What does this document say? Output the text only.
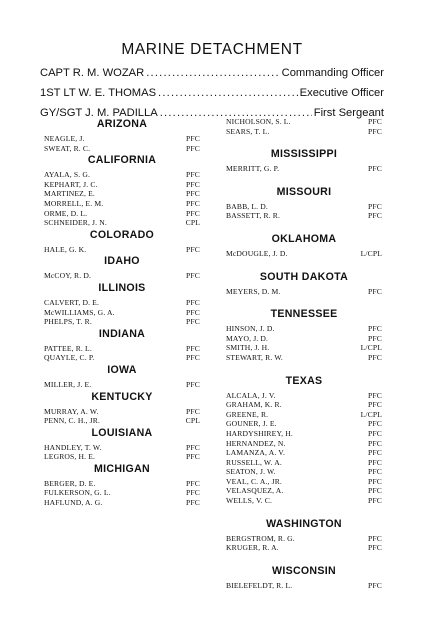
MARINE DETACHMENT
CAPT R. M. WOZAR .....	Commanding Officer
1ST LT W. E. THOMAS .....	Executive Officer
GY/SGT J. M. PADILLA .....	First Sergeant
ARIZONA
NEAGLE, J.	PFC
SWEAT, R. C.	PFC
CALIFORNIA
AYALA, S. G.	PFC
KEPHART, J. C.	PFC
MARTINEZ, E.	PFC
MORRELL, E. M.	PFC
ORME, D. L.	PFC
SCHNEIDER, J. N.	CPL
COLORADO
HALE, G. K.	PFC
IDAHO
McCOY, R. D.	PFC
ILLINOIS
CALVERT, D. E.	PFC
McWILLIAMS, G. A.	PFC
PHELPS, T. R.	PFC
INDIANA
PATTEE, R. L.	PFC
QUAYLE, C. P.	PFC
IOWA
MILLER, J. E.	PFC
KENTUCKY
MURRAY, A. W.	PFC
PENN, C. H., JR.	CPL
LOUISIANA
HANDLEY, T. W.	PFC
LEGROS, H. E.	PFC
MICHIGAN
BERGER, D. E.	PFC
FULKERSON, G. L.	PFC
HAFLUND, A. G.	PFC
NICHOLSON, S. L.	PFC
SEARS, T. L.	PFC
MISSISSIPPI
MERRITT, G. P.	PFC
MISSOURI
BABB, L. D.	PFC
BASSETT, R. R.	PFC
OKLAHOMA
McDOUGLE, J. D.	L/CPL
SOUTH DAKOTA
MEYERS, D. M.	PFC
TENNESSEE
HINSON, J. D.	PFC
MAYO, J. D.	PFC
SMITH, J. H.	L/CPL
STEWART, R. W.	PFC
TEXAS
ALCALA, J. V.	PFC
GRAHAM, K. R.	PFC
GREENE, R.	L/CPL
GOUNER, J. E.	PFC
HARDYSHIREY, H.	PFC
HERNANDEZ, N.	PFC
LAMANZA, A. V.	PFC
RUSSELL, W. A.	PFC
SEATON, J. W.	PFC
VEAL, C. A., JR.	PFC
VELASQUEZ, A.	PFC
WELLS, V. C.	PFC
WASHINGTON
BERGSTROM, R. G.	PFC
KRUGER, R. A.	PFC
WISCONSIN
BIELEFELDT, R. L.	PFC
